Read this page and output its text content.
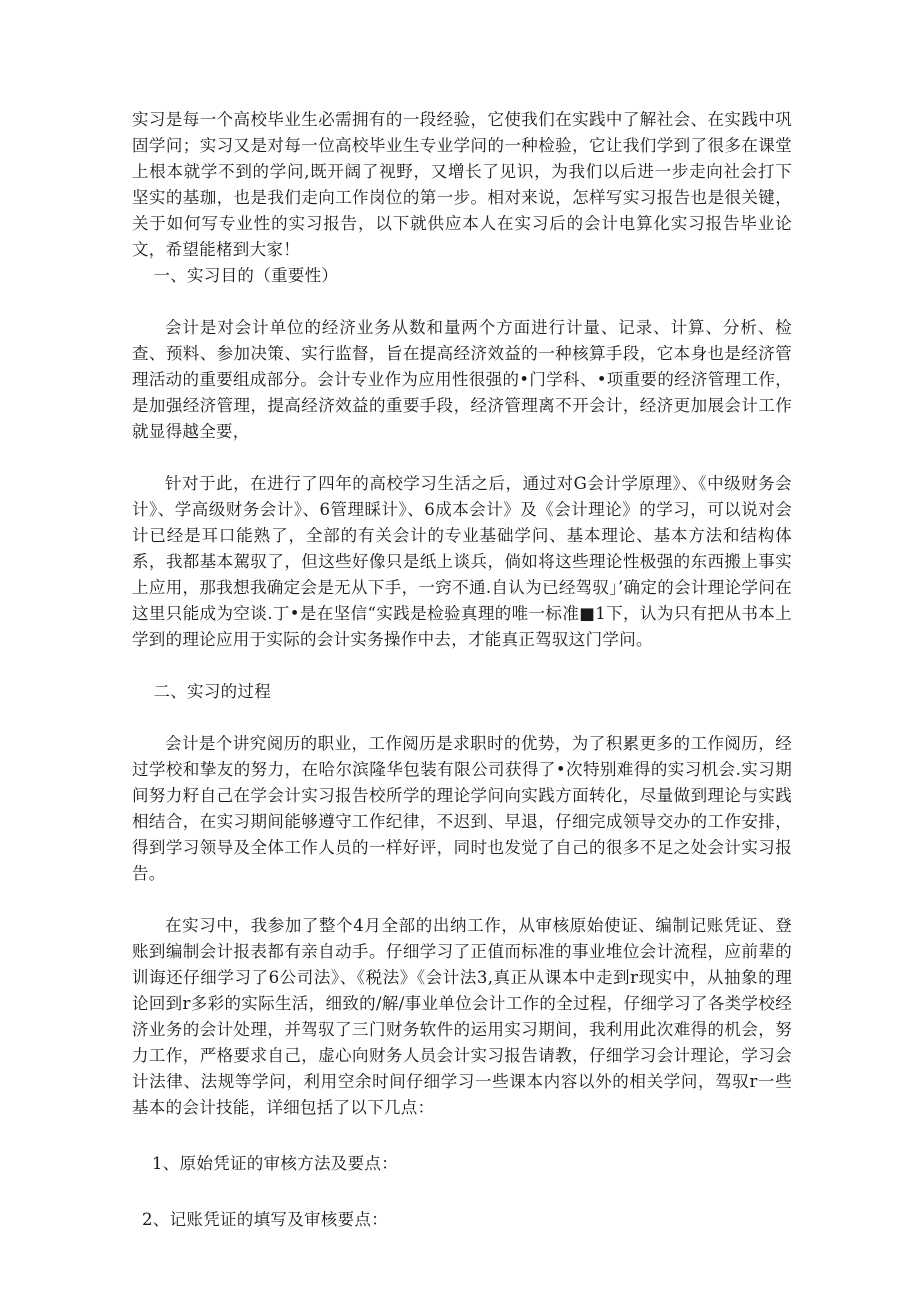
实习是每一个高校毕业生必需拥有的一段经验，它使我们在实践中了解社会、在实践中巩固学问；实习又是对每一位高校毕业生专业学问的一种检验，它让我们学到了很多在课堂上根本就学不到的学问,既开阔了视野，又增长了见识，为我们以后进一步走向社会打下坚实的基珈，也是我们走向工作岗位的第一步。相对来说，怎样写实习报告也是很关键，关于如何写专业性的实习报告，以下就供应本人在实习后的会计电算化实习报告毕业论文，希望能楮到大家！

一、实习目的（重要性）

会计是对会计单位的经济业务从数和量两个方面进行计量、记录、计算、分析、检查、预料、参加决策、实行监督，旨在提高经济效益的一种核算手段，它本身也是经济管理活动的重要组成部分。会计专业作为应用性很强的•门学科、•项重要的经济管理工作，是加强经济管理，提高经济效益的重要手段，经济管理离不开会计，经济更加展会计工作就显得越全要，

针对于此，在进行了四年的高校学习生活之后，通过对G会计学原理》、《中级财务会计》、学高级财务会计》、6管理睬计》、6成本会计》及《会计理论》的学习，可以说对会计已经是耳口能熟了，全部的有关会计的专业基础学问、基本理论、基本方法和结构体系，我都基本駕驭了，但这些好像只是纸上谈兵，倘如将这些理论性极强的东西搬上事实上应用，那我想我确定会是无从下手，一窍不通.自认为已经驾驭」’确定的会计理论学问在这里只能成为空谈.丁•是在坚信“实践是检验真理的唯一标准■1下，认为只有把从书本上学到的理论应用于实际的会计实务操作中去，才能真正驾驭这门学问。

二、实习的过程

会计是个讲究阅历的职业，工作阅历是求职时的优势，为了积累更多的工作阅历，经过学校和挚友的努力，在哈尔滨隆华包装有限公司获得了•次特别难得的实习机会.实习期间努力籽自己在学会计实习报告校所学的理论学问向实践方面转化，尽量做到理论与实践相结合，在实习期间能够遵守工作纪律，不迟到、早退，仔细完成领导交办的工作安排，得到学习领导及全体工作人员的一样好评，同时也发觉了自己的很多不足之处会计实习报告。

在实习中，我参加了整个4月全部的出纳工作，从审核原始使证、编制记账凭证、登账到编制会计报表都有亲自动手。仔细学习了正值而标准的事业堆位会计流程，应前辈的训诲还仔细学习了6公司法》、《税法》《会计法3,真正从课本中走到r现实中，从抽象的理论回到r多彩的实际生活，细致的/解/事业单位会计工作的全过程，仔细学习了各类学校经济业务的会计处理，并驾驭了三门财务软件的运用实习期间，我利用此次难得的机会，努力工作，严格要求自己，虚心向财务人员会计实习报告请教，仔细学习会计理论，学习会计法律、法规等学问，利用空余时间仔细学习一些课本内容以外的相关学问，驾驭r一些基本的会计技能，详细包括了以下几点：

1、原始凭证的审核方法及要点：

2、记账凭证的填写及审核要点：
